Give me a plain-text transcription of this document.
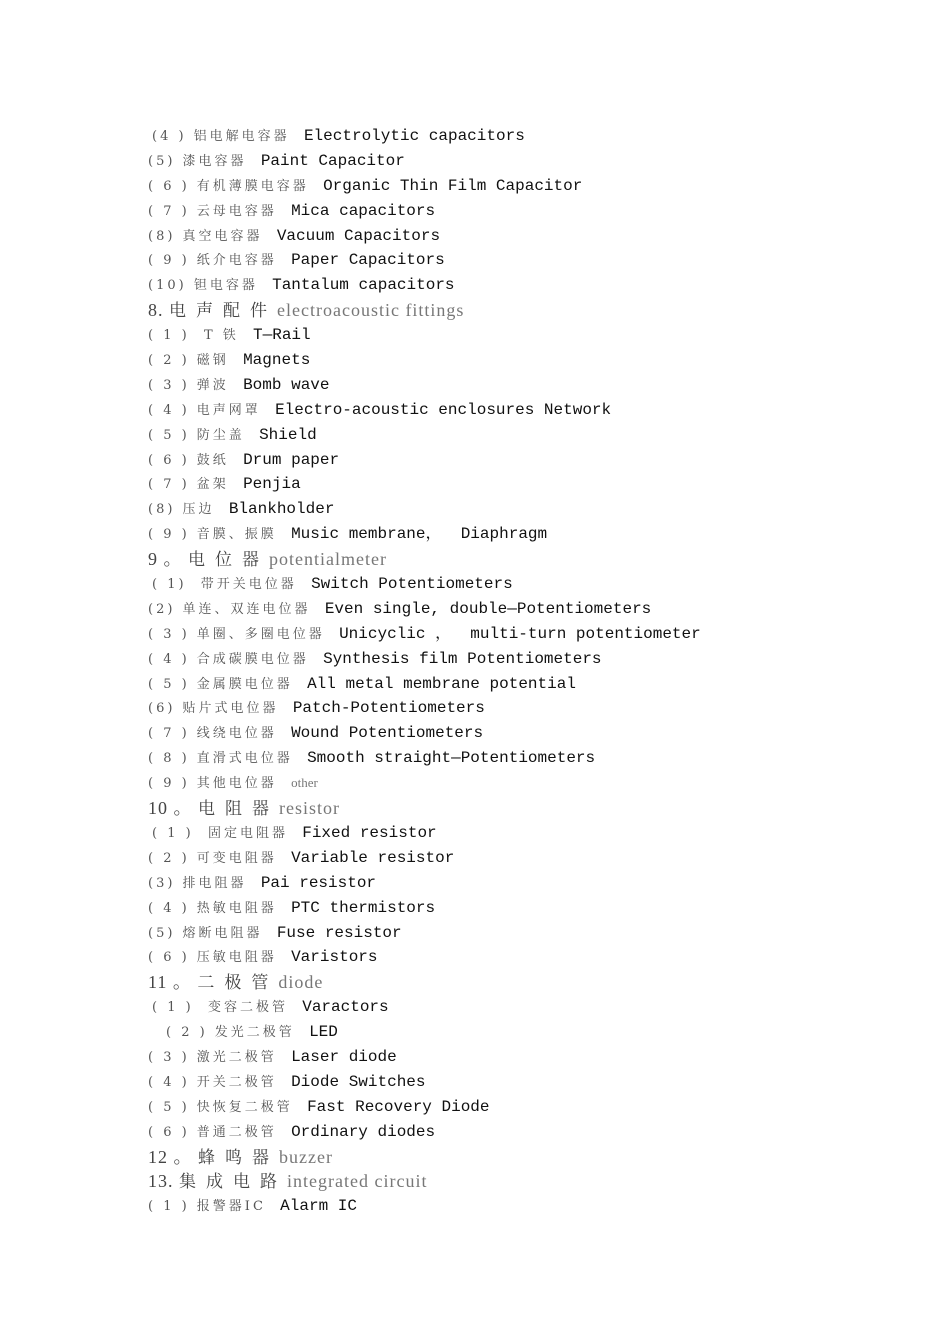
(4 ) 铝电解电容器  Electrolytic capacitors
(5) 漆电容器  Paint Capacitor
( 6 ) 有机薄膜电容器  Organic Thin Film Capacitor
( 7 ) 云母电容器  Mica capacitors
(8) 真空电容器  Vacuum Capacitors
( 9 ) 纸介电容器  Paper Capacitors
(10) 钽电容器  Tantalum capacitors
8. 电声配件electroacoustic fittings
( 1 )  T 铁  T—Rail
( 2 ) 磁钢  Magnets
( 3 ) 弹波  Bomb wave
( 4 ) 电声网罩  Electro-acoustic enclosures Network
( 5 ) 防尘盖  Shield
( 6 ) 鼓纸  Drum paper
( 7 ) 盆架  Penjia
(8) 压边  Blankholder
( 9 ) 音膜、振膜  Music membrane，  Diaphragm
9 。 电位器potentialmeter
( 1)  带开关电位器  Switch Potentiometers
(2) 单连、双连电位器  Even single, double—Potentiometers
( 3 ) 单圈、多圈电位器  Unicyclic ，  multi-turn potentiometer
( 4 ) 合成碳膜电位器  Synthesis film Potentiometers
( 5 ) 金属膜电位器  All metal membrane potential
(6) 贴片式电位器  Patch-Potentiometers
( 7 ) 线绕电位器  Wound Potentiometers
( 8 ) 直滑式电位器  Smooth straight—Potentiometers
( 9 ) 其他电位器  other
10 。 电阻器resistor
( 1 )  固定电阻器  Fixed resistor
( 2 ) 可变电阻器  Variable resistor
(3) 排电阻器  Pai resistor
( 4 ) 热敏电阻器  PTC thermistors
(5) 熔断电阻器  Fuse resistor
( 6 ) 压敏电阻器  Varistors
11 。 二极管diode
( 1 )  变容二极管  Varactors
( 2 ) 发光二极管  LED
( 3 ) 激光二极管  Laser diode
( 4 ) 开关二极管  Diode Switches
( 5 ) 快恢复二极管  Fast Recovery Diode
( 6 ) 普通二极管  Ordinary diodes
12 。 蜂鸣器buzzer
13. 集成电路integrated circuit
( 1 ) 报警器IC  Alarm IC
